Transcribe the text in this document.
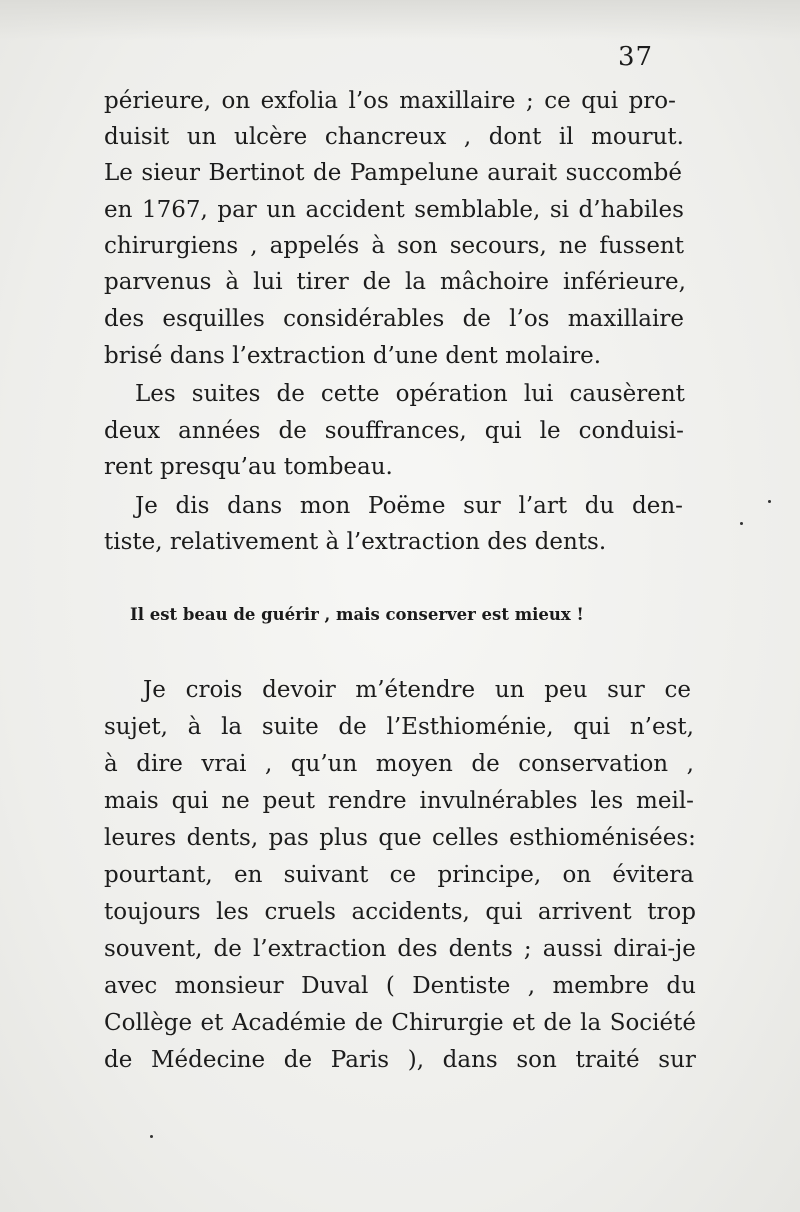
37
périeure, on exfolia l’os maxillaire ; ce qui pro-
duisit un ulcère chancreux , dont il mourut.
Le sieur Bertinot de Pampelune aurait succombé
en 1767, par un accident semblable, si d’habiles
chirurgiens , appelés à son secours, ne fussent
parvenus à lui tirer de la mâchoire inférieure,
des esquilles considérables de l’os maxillaire
brisé dans l’extraction d’une dent molaire.
Les suites de cette opération lui causèrent
deux années de souffrances, qui le conduisi-
rent presqu’au tombeau.
Je dis dans mon Poëme sur l’art du den-
tiste, relativement à l’extraction des dents.
Il est beau de guérir , mais conserver est mieux !
Je crois devoir m’étendre un peu sur ce
sujet, à la suite de l’Esthioménie, qui n’est,
à dire vrai , qu’un moyen de conservation ,
mais qui ne peut rendre invulnérables les meil-
leures dents, pas plus que celles esthioménisées:
pourtant, en suivant ce principe, on évitera
toujours les cruels accidents, qui arrivent trop
souvent, de l’extraction des dents ; aussi dirai-je
avec monsieur Duval ( Dentiste , membre du
Collège et Académie de Chirurgie et de la Société
de Médecine de Paris ), dans son traité sur
